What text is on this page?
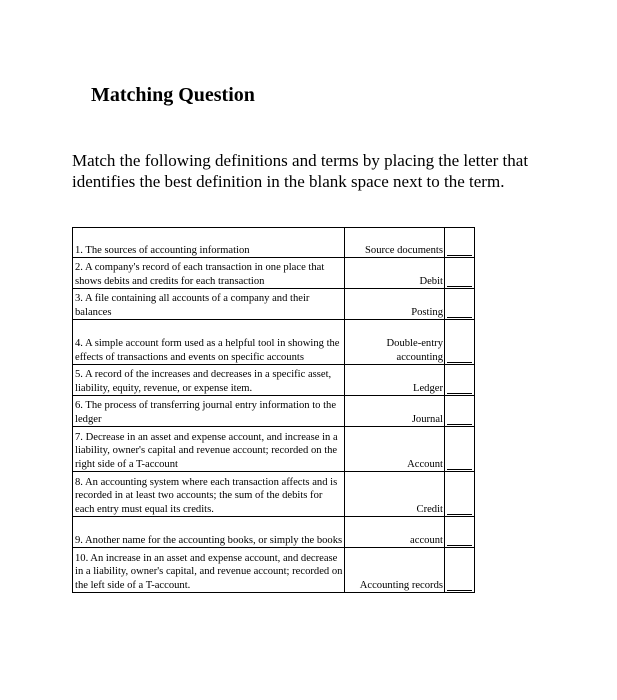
Matching Question

Match the following definitions and terms by placing the letter that identifies the best definition in the blank space next to the term.

1. The sources of accounting information	Source documents	

2. A company's record of each transaction in one place that shows debits and credits for each transaction	Debit	

3. A file containing all accounts of a company and their balances	Posting	

4. A simple account form used as a helpful tool in showing the effects of transactions and events on specific accounts	Double-entry accounting	

5. A record of the increases and decreases in a specific asset, liability, equity, revenue, or expense item.	Ledger	

6. The process of transferring journal entry information to the ledger	Journal	

7. Decrease in an asset and expense account, and increase in a liability, owner's capital and revenue account; recorded on the right side of a T-account	Account	

8. An accounting system where each transaction affects and is recorded in at least two accounts; the sum of the debits for each entry must equal its credits.	Credit	

9. Another name for the accounting books, or simply the books	account	

10. An increase in an asset and expense account, and decrease in a liability, owner's capital, and revenue account; recorded on the left side of a T-account.	Accounting records	
